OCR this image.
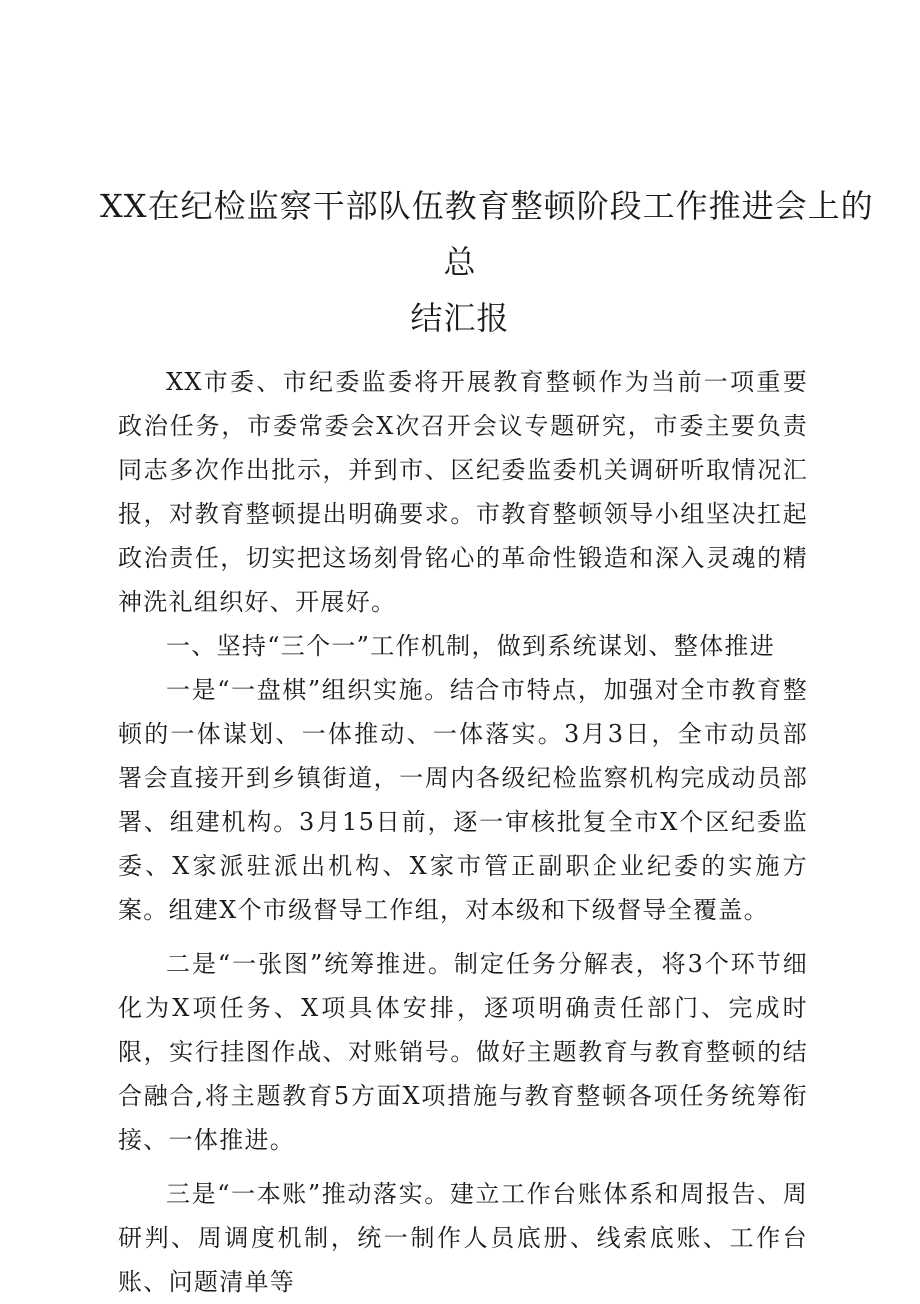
XX在纪检监察干部队伍教育整顿阶段工作推进会上的
总
结汇报

XX市委、市纪委监委将开展教育整顿作为当前一项重要政治任务，市委常委会X次召开会议专题研究，市委主要负责同志多次作出批示，并到市、区纪委监委机关调研听取情况汇报，对教育整顿提出明确要求。市教育整顿领导小组坚决扛起政治责任，切实把这场刻骨铭心的革命性锻造和深入灵魂的精神洗礼组织好、开展好。

一、坚持“三个一”工作机制，做到系统谋划、整体推进

一是“一盘棋”组织实施。结合市特点，加强对全市教育整顿的一体谋划、一体推动、一体落实。3月3日，全市动员部署会直接开到乡镇街道，一周内各级纪检监察机构完成动员部署、组建机构。3月15日前，逐一审核批复全市X个区纪委监委、X家派驻派出机构、X家市管正副职企业纪委的实施方案。组建X个市级督导工作组，对本级和下级督导全覆盖。

二是“一张图”统筹推进。制定任务分解表，将3个环节细化为X项任务、X项具体安排，逐项明确责任部门、完成时限，实行挂图作战、对账销号。做好主题教育与教育整顿的结合融合,将主题教育5方面X项措施与教育整顿各项任务统筹衔接、一体推进。

三是“一本账”推动落实。建立工作台账体系和周报告、周研判、周调度机制，统一制作人员底册、线索底账、工作台账、问题清单等
